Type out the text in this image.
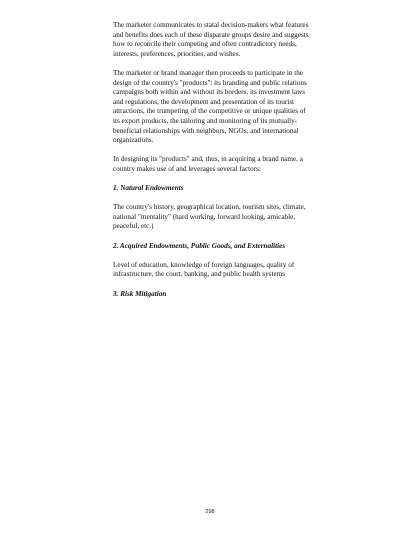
The marketer communicates to statal decision-makers what features and benefits does each of these disparate groups desire and suggests how to reconcile their competing and often contradictory needs, interests, preferences, priorities, and wishes.

The marketer or brand manager then proceeds to participate in the design of the country's "products": its branding and public relations campaigns both within and without its borders, its investment laws and regulations, the development and presentation of its tourist attractions, the trumpeting of the competitive or unique qualities of its export products, the tailoring and monitoring of its mutually-beneficial relationships with neighbors, NGOs, and international organizations.

In designing its "products" and, thus, in acquiring a brand name, a country makes use of and leverages several factors:

1. Natural Endowments

The country's history, geographical location, tourism sites, climate, national "mentality" (hard working, forward looking, amicable, peaceful, etc.)

2. Acquired Endowments, Public Goods, and Externalities

Level of education, knowledge of foreign languages, quality of infrastructure, the court, banking, and public health systems

3. Risk Mitigation

298
